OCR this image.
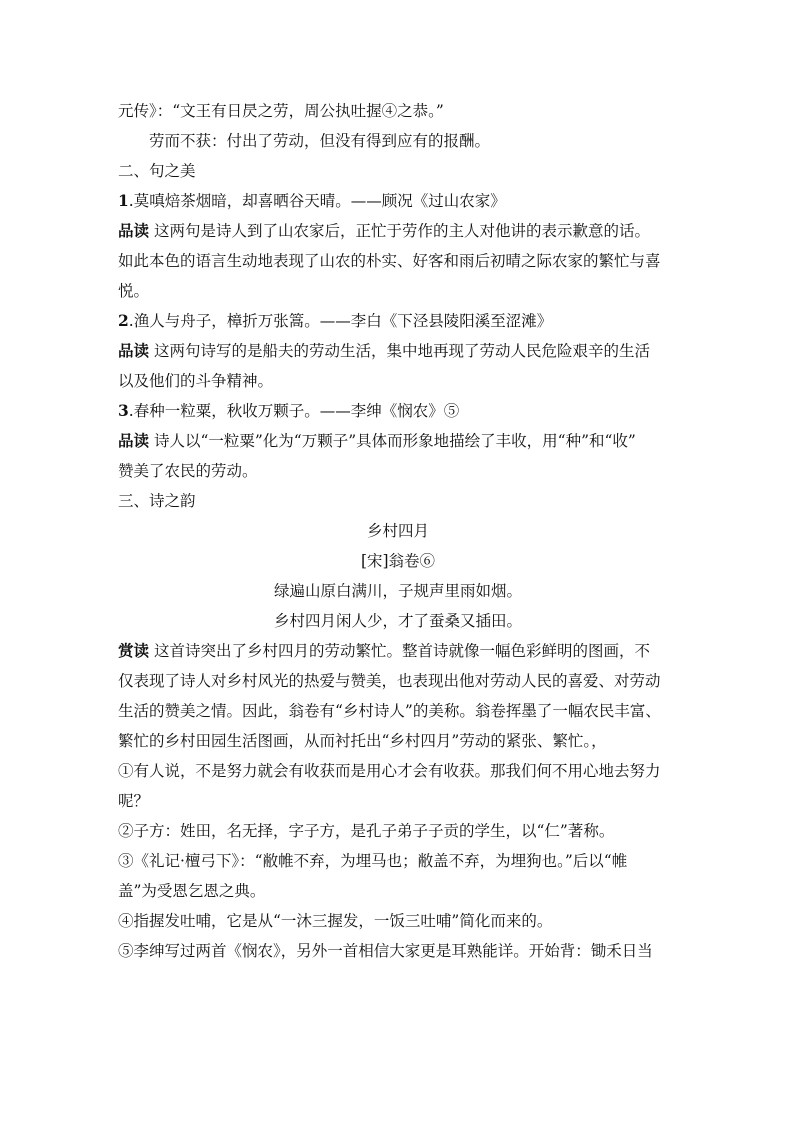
元传》：“文王有日昃之劳，周公执吐握④之恭。”
劳而不获：付出了劳动，但没有得到应有的报酬。
二、句之美
1.莫嗔焙茶烟暗，却喜晒谷天晴。——顾况《过山农家》
品读 这两句是诗人到了山农家后，正忙于劳作的主人对他讲的表示歉意的话。
如此本色的语言生动地表现了山农的朴实、好客和雨后初晴之际农家的繁忙与喜
悦。
2.渔人与舟子，樟折万张篙。——李白《下泾县陵阳溪至涩滩》
品读 这两句诗写的是船夫的劳动生活，集中地再现了劳动人民危险艰辛的生活
以及他们的斗争精神。
3.春种一粒粟，秋收万颗子。——李绅《悯农》⑤
品读 诗人以“一粒粟”化为“万颗子”具体而形象地描绘了丰收，用“种”和“收”
赞美了农民的劳动。
三、诗之韵
乡村四月
[宋]翁卷⑥
绿遍山原白满川，子规声里雨如烟。
乡村四月闲人少，才了蚕桑又插田。
赏读 这首诗突出了乡村四月的劳动繁忙。整首诗就像一幅色彩鲜明的图画，不
仅表现了诗人对乡村风光的热爱与赞美，也表现出他对劳动人民的喜爱、对劳动
生活的赞美之情。因此，翁卷有“乡村诗人”的美称。翁卷挥墨了一幅农民丰富、
繁忙的乡村田园生活图画，从而衬托出“乡村四月”劳动的紧张、繁忙。，
①有人说，不是努力就会有收获而是用心才会有收获。那我们何不用心地去努力
呢？
②子方：姓田，名无择，字子方，是孔子弟子子贡的学生，以“仁”著称。
③《礼记·檀弓下》：“敝帷不弃，为埋马也；敝盖不弃，为埋狗也。”后以“帷
盖”为受恩乞恩之典。
④指握发吐哺，它是从“一沐三握发，一饭三吐哺”简化而来的。
⑤李绅写过两首《悯农》，另外一首相信大家更是耳熟能详。开始背：锄禾日当
